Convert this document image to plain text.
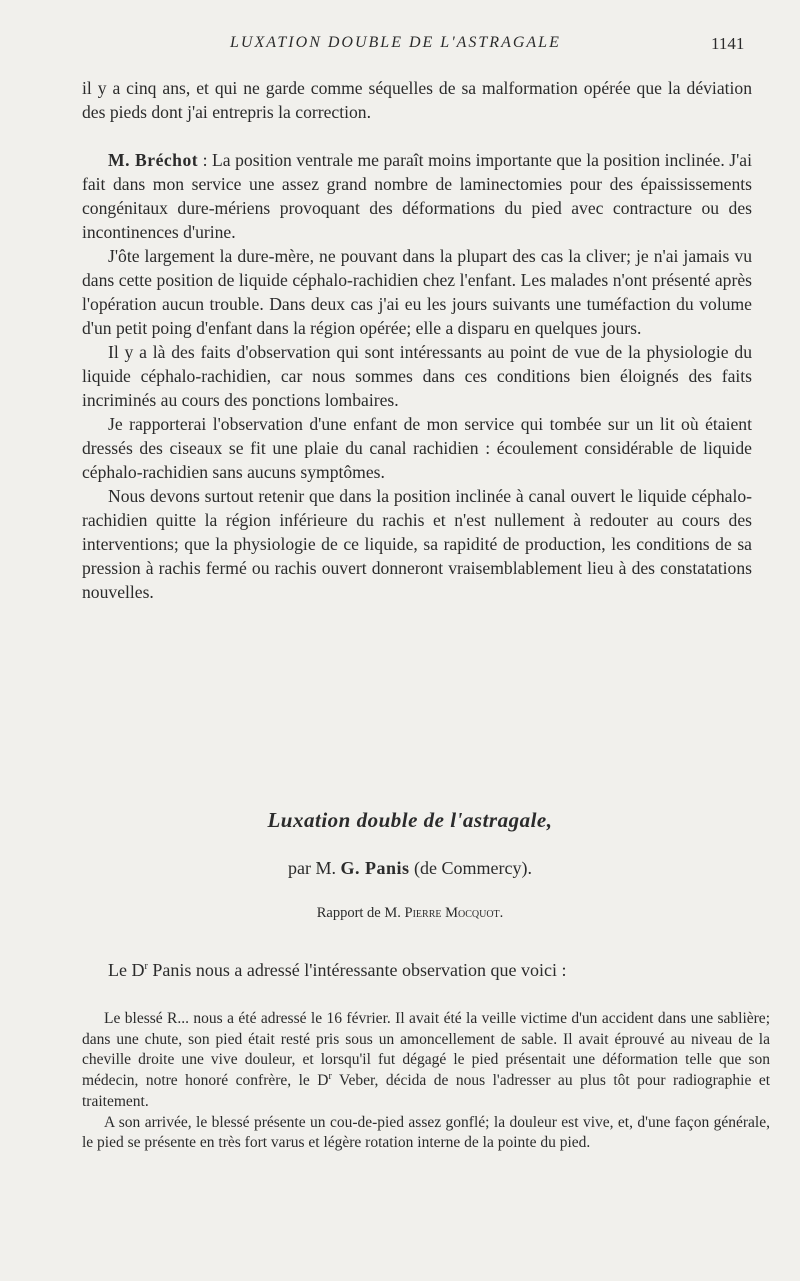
LUXATION DOUBLE DE L'ASTRAGALE	1141

il y a cinq ans, et qui ne garde comme séquelles de sa malformation opérée que la déviation des pieds dont j'ai entrepris la correction.

M. Bréchot : La position ventrale me paraît moins importante que la position inclinée. J'ai fait dans mon service une assez grand nombre de laminectomies pour des épaississements congénitaux dure-mériens provoquant des déformations du pied avec contracture ou des incontinences d'urine.

J'ôte largement la dure-mère, ne pouvant dans la plupart des cas la cliver; je n'ai jamais vu dans cette position de liquide céphalo-rachidien chez l'enfant. Les malades n'ont présenté après l'opération aucun trouble. Dans deux cas j'ai eu les jours suivants une tuméfaction du volume d'un petit poing d'enfant dans la région opérée; elle a disparu en quelques jours.

Il y a là des faits d'observation qui sont intéressants au point de vue de la physiologie du liquide céphalo-rachidien, car nous sommes dans ces conditions bien éloignés des faits incriminés au cours des ponctions lombaires.

Je rapporterai l'observation d'une enfant de mon service qui tombée sur un lit où étaient dressés des ciseaux se fit une plaie du canal rachidien : écoulement considérable de liquide céphalo-rachidien sans aucuns symptômes.

Nous devons surtout retenir que dans la position inclinée à canal ouvert le liquide céphalo-rachidien quitte la région inférieure du rachis et n'est nullement à redouter au cours des interventions; que la physiologie de ce liquide, sa rapidité de production, les conditions de sa pression à rachis fermé ou rachis ouvert donneront vraisemblablement lieu à des constatations nouvelles.

Luxation double de l'astragale,
par M. G. Panis (de Commercy).
Rapport de M. Pierre Mocquot.
Le $D^r$ Panis nous a adressé l'intéressante observation que voici :

Le blessé R... nous a été adressé le 16 février. Il avait été la veille victime d'un accident dans une sablière; dans une chute, son pied était resté pris sous un amoncellement de sable. Il avait éprouvé au niveau de la cheville droite une vive douleur, et lorsqu'il fut dégagé le pied présentait une déformation telle que son médecin, notre honoré confrère, le $D^r$ Veber, décida de nous l'adresser au plus tôt pour radiographie et traitement.

A son arrivée, le blessé présente un cou-de-pied assez gonflé; la douleur est vive, et, d'une façon générale, le pied se présente en très fort varus et légère rotation interne de la pointe du pied.
